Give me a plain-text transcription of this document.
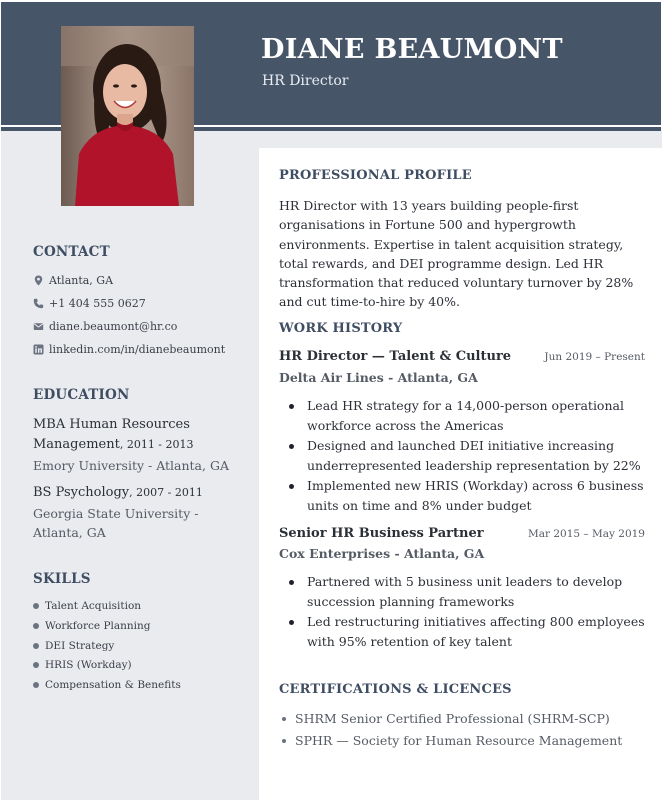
DIANE BEAUMONT
HR Director
CONTACT
Atlanta, GA
+1 404 555 0627
diane.beaumont@hr.co
linkedin.com/in/dianebeaumont
EDUCATION
MBA Human Resources Management, 2011 - 2013
Emory University - Atlanta, GA
BS Psychology, 2007 - 2011
Georgia State University - Atlanta, GA
SKILLS
Talent Acquisition
Workforce Planning
DEI Strategy
HRIS (Workday)
Compensation & Benefits
PROFESSIONAL PROFILE
HR Director with 13 years building people-first organisations in Fortune 500 and hypergrowth environments. Expertise in talent acquisition strategy, total rewards, and DEI programme design. Led HR transformation that reduced voluntary turnover by 28% and cut time-to-hire by 40%.
WORK HISTORY
HR Director — Talent & Culture	Jun 2019 – Present
Delta Air Lines - Atlanta, GA
Lead HR strategy for a 14,000-person operational workforce across the Americas
Designed and launched DEI initiative increasing underrepresented leadership representation by 22%
Implemented new HRIS (Workday) across 6 business units on time and 8% under budget
Senior HR Business Partner	Mar 2015 – May 2019
Cox Enterprises - Atlanta, GA
Partnered with 5 business unit leaders to develop succession planning frameworks
Led restructuring initiatives affecting 800 employees with 95% retention of key talent
CERTIFICATIONS & LICENCES
SHRM Senior Certified Professional (SHRM-SCP)
SPHR — Society for Human Resource Management
